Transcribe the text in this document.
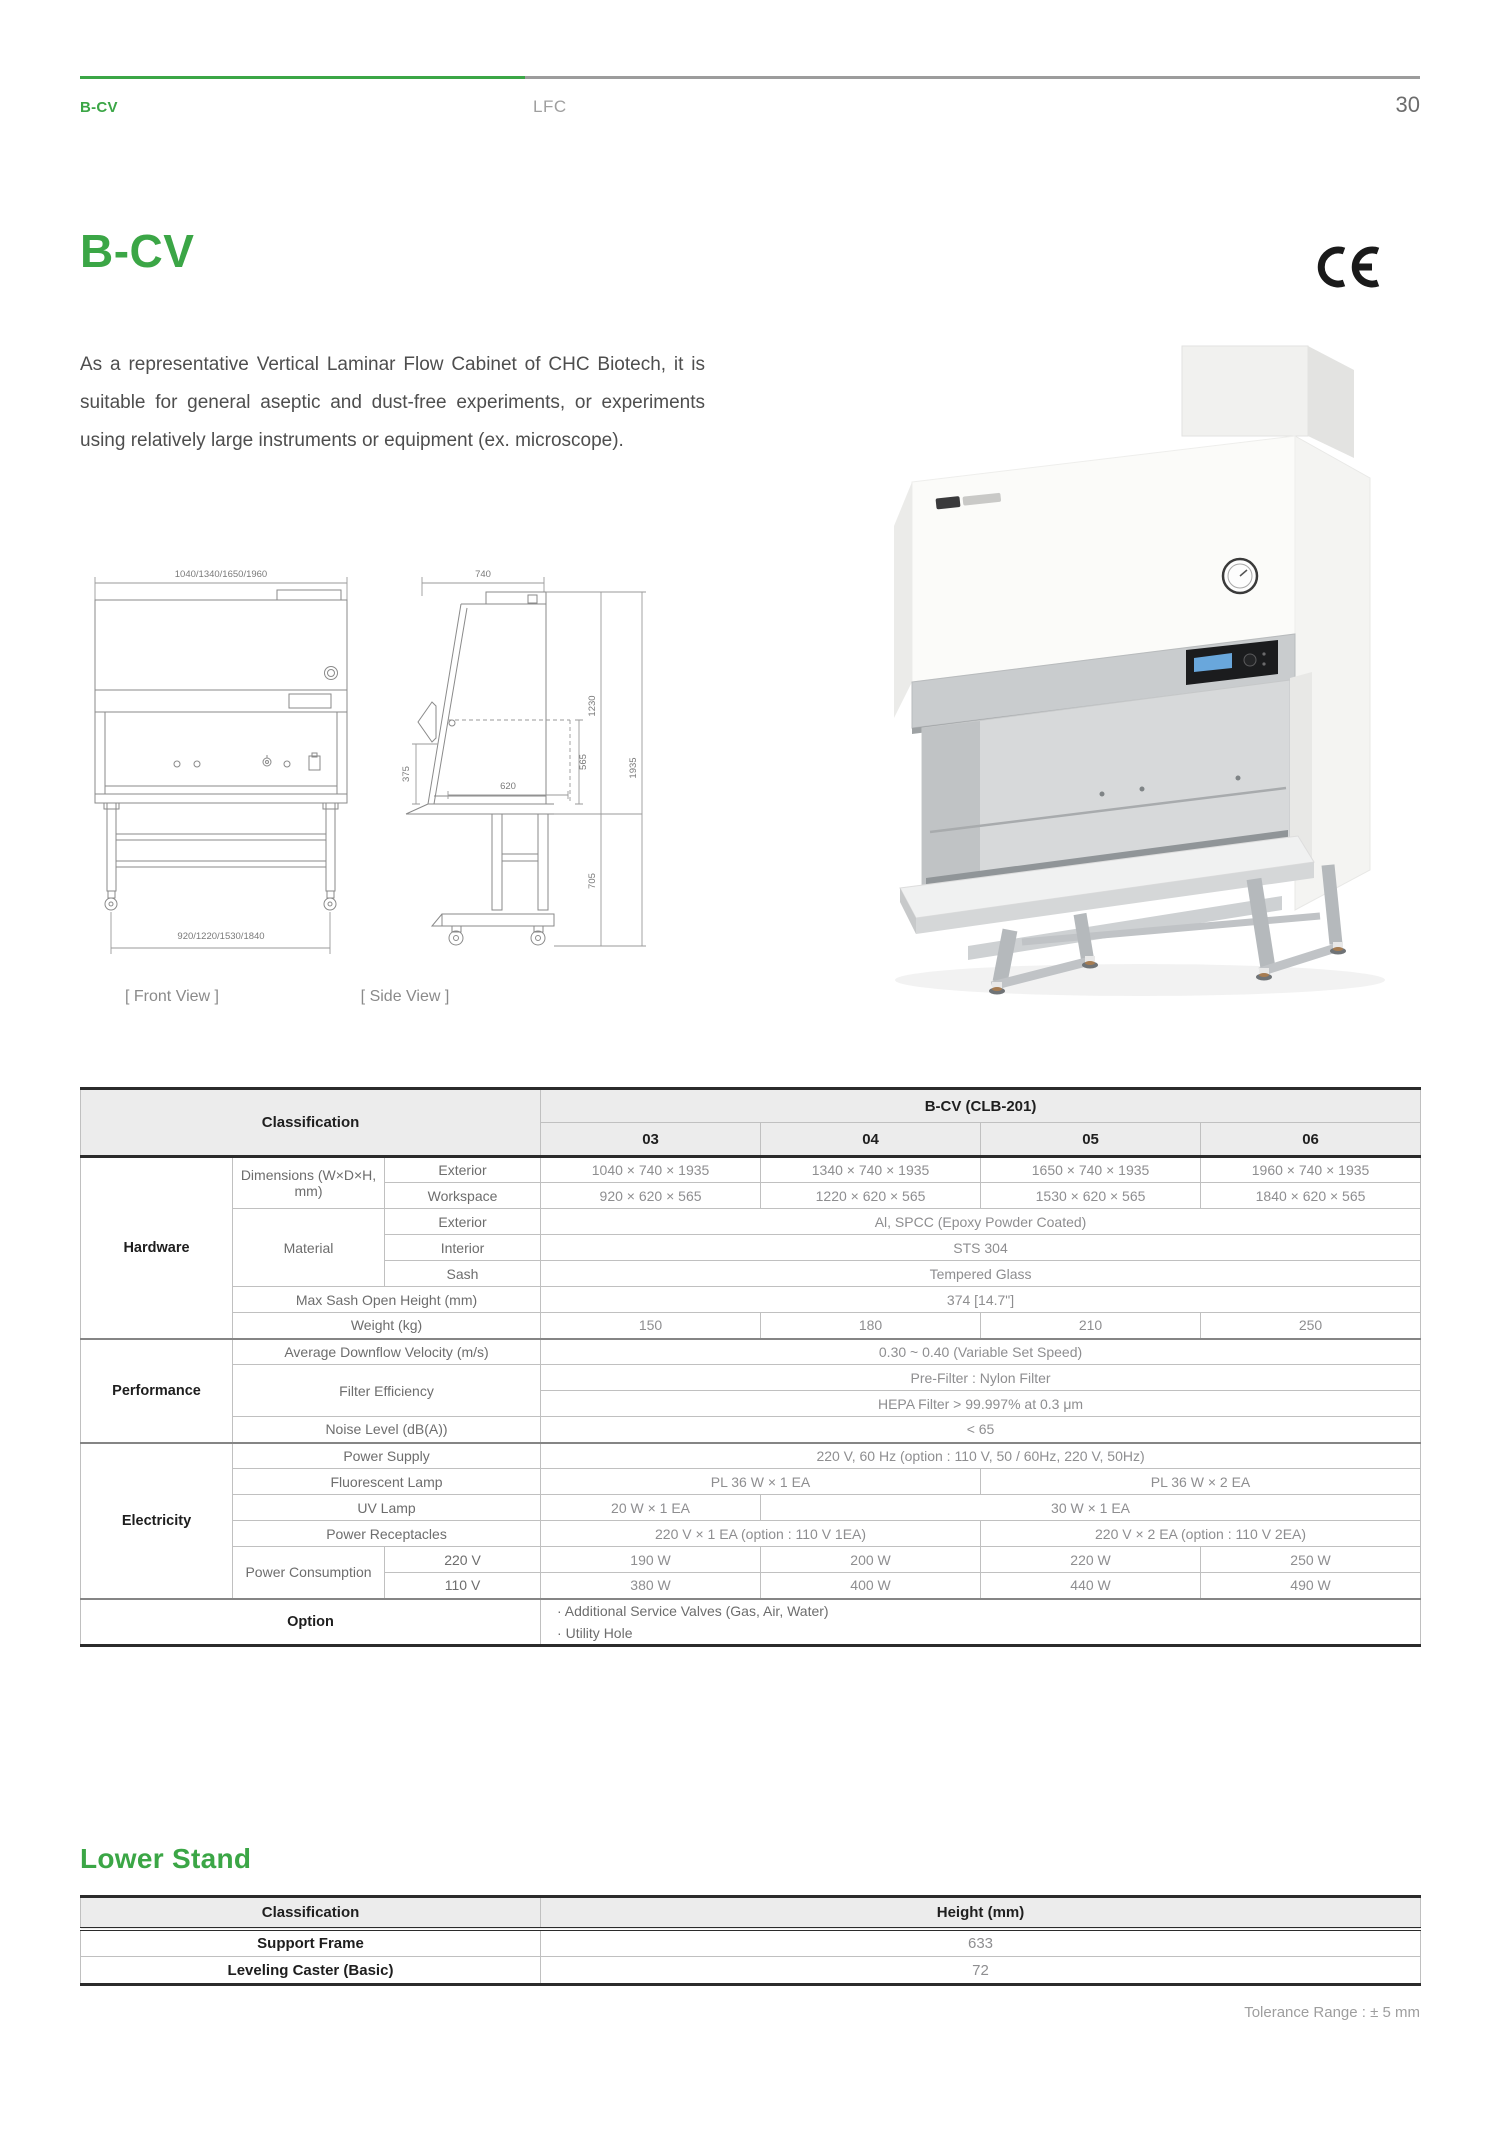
B-CV	LFC	30
B-CV
As a representative Vertical Laminar Flow Cabinet of CHC Biotech, it is suitable for general aseptic and dust-free experiments, or experiments using relatively large instruments or equipment (ex. microscope).
1040/1340/1650/1960
920/1220/1530/1840
740
565
375
620
1230
705
1935
[ Front View ]	[ Side View ]
Classification			B-CV (CLB-201)			
			03	04	05	06
Hardware	Dimensions (W×D×H, mm)	Exterior	1040 × 740 × 1935	1340 × 740 × 1935	1650 × 740 × 1935	1960 × 740 × 1935
		Workspace	920 × 620 × 565	1220 × 620 × 565	1530 × 620 × 565	1840 × 620 × 565
	Material	Exterior	Al, SPCC (Epoxy Powder Coated)			
		Interior	STS 304			
		Sash	Tempered Glass			
	Max Sash Open Height (mm)		374 [14.7"]			
	Weight (kg)		150	180	210	250
Performance	Average Downflow Velocity (m/s)		0.30 ~ 0.40 (Variable Set Speed)			
	Filter Efficiency		Pre-Filter : Nylon Filter			
			HEPA Filter > 99.997% at 0.3 μm			
	Noise Level (dB(A))		< 65			
Electricity	Power Supply		220 V, 60 Hz (option : 110 V, 50 / 60Hz, 220 V, 50Hz)			
	Fluorescent Lamp		PL 36 W × 1 EA		PL 36 W × 2 EA	
	UV Lamp		20 W × 1 EA	30 W × 1 EA		
	Power Receptacles		220 V × 1 EA (option : 110 V 1EA)		220 V × 2 EA (option : 110 V 2EA)	
	Power Consumption	220 V	190 W	200 W	220 W	250 W
		110 V	380 W	400 W	440 W	490 W
Option			· Additional Service Valves (Gas, Air, Water)
· Utility Hole			
Lower Stand
Classification	Height (mm)
Support Frame	633
Leveling Caster (Basic)	72
Tolerance Range : ± 5 mm
